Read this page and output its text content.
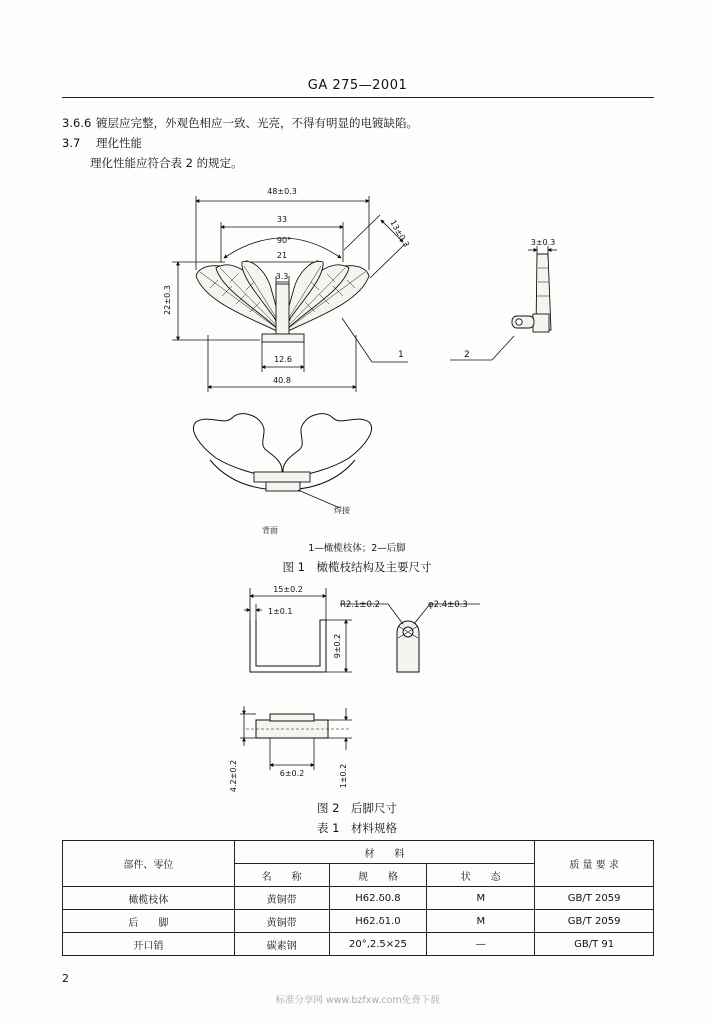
GA 275—2001
3.6.6 镀层应完整，外观色相应一致、光亮，不得有明显的电镀缺陷。
3.7 理化性能
理化性能应符合表 2 的规定。
48±0.3
33
90°
21
3.3
13±0.3
22±0.3
12.6
40.8
3±0.3
1	2
背面
焊接
1—橄榄枝体；2—后脚
图 1　橄榄枝结构及主要尺寸
15±0.2
1±0.1
R2.1±0.2	φ2.4±0.3
9±0.2
4.2±0.2	6±0.2	1±0.2
图 2　后脚尺寸
表 1　材料规格
部件、零位	材　　料			质 量 要 求
	名　　称	规　　格	状　　态	
橄榄枝体	黄铜带	H62.δ0.8	M	GB/T 2059
后　　脚	黄铜带	H62.δ1.0	M	GB/T 2059
开口销	碳素钢	20°,2.5×25	—	GB/T 91
2
标准分享网 www.bzfxw.com免费下载
